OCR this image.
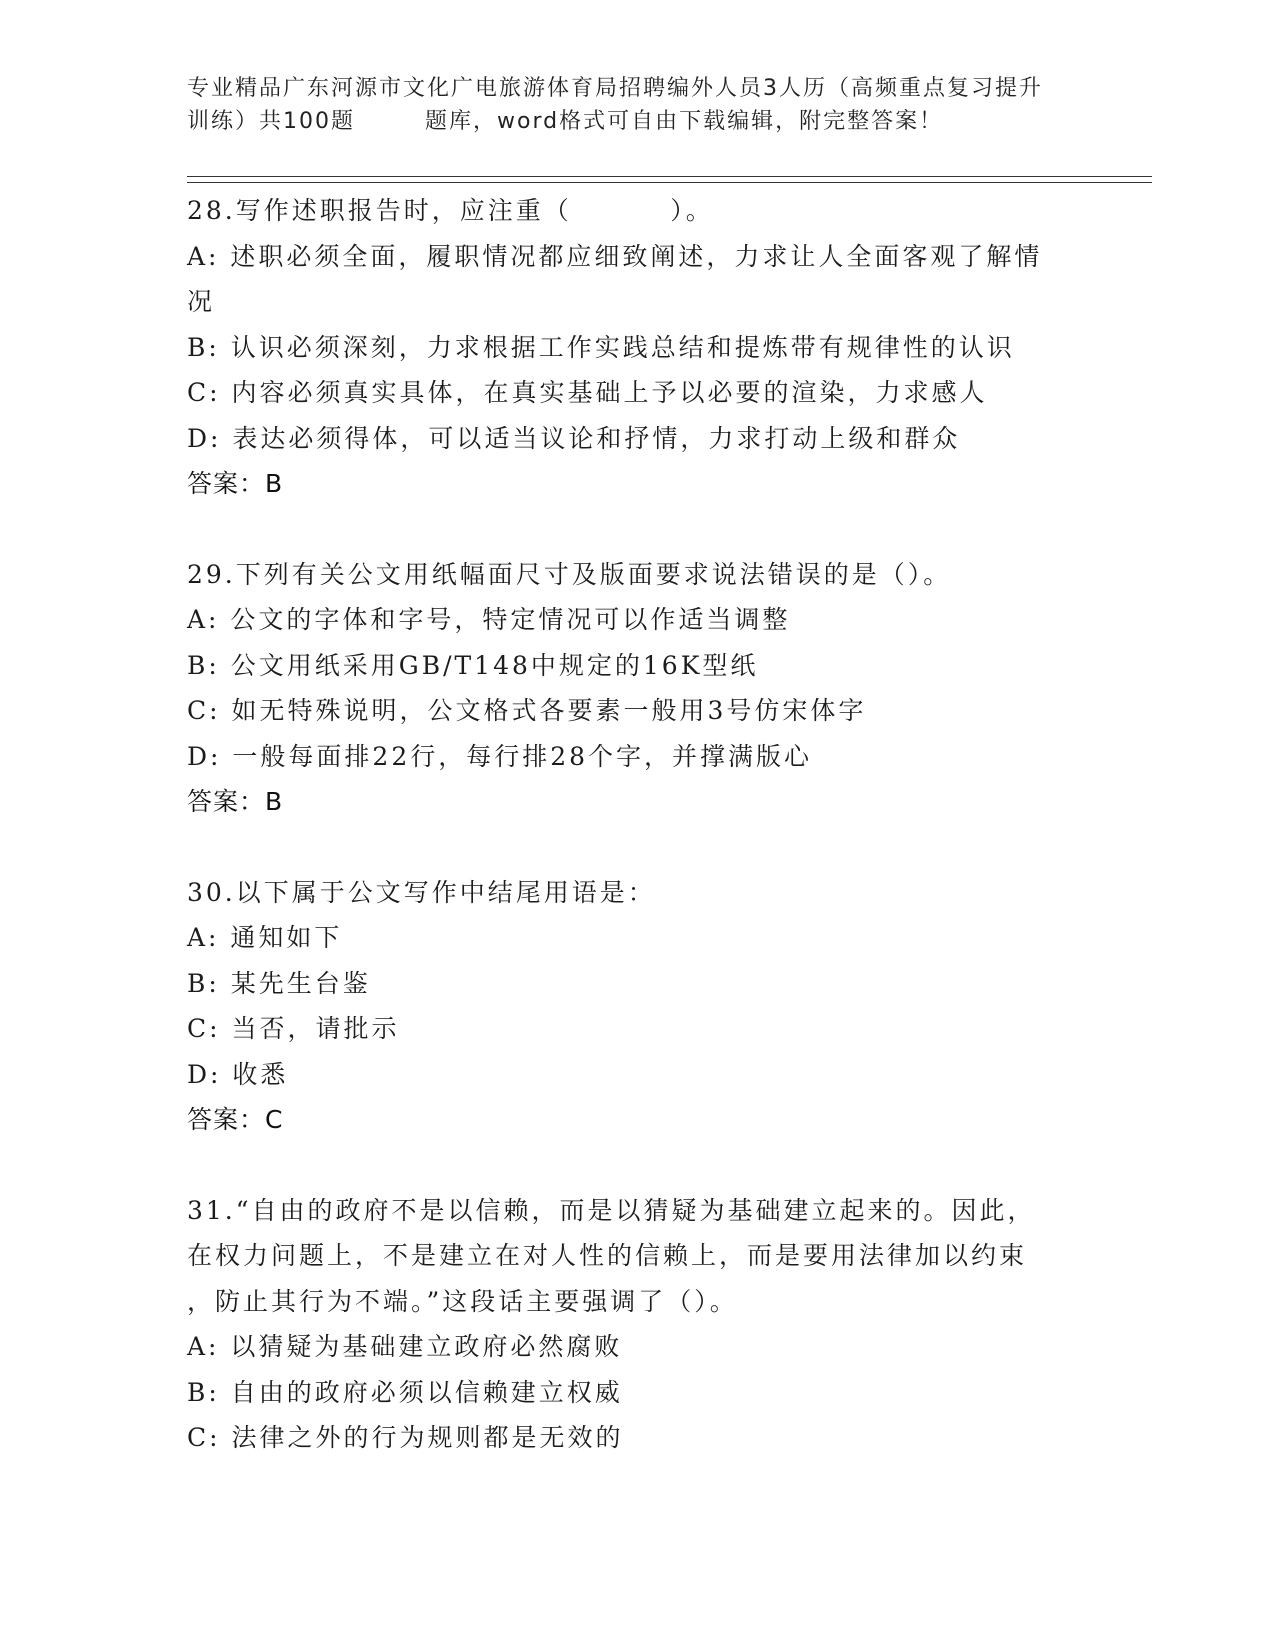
专业精品广东河源市文化广电旅游体育局招聘编外人员3人历（高频重点复习提升
训练）共100题	题库，word格式可自由下载编辑，附完整答案！
28.写作述职报告时，应注重（         ）。
A: 述职必须全面，履职情况都应细致阐述，力求让人全面客观了解情
况
B: 认识必须深刻，力求根据工作实践总结和提炼带有规律性的认识
C: 内容必须真实具体，在真实基础上予以必要的渲染，力求感人
D: 表达必须得体，可以适当议论和抒情，力求打动上级和群众
答案：B
29.下列有关公文用纸幅面尺寸及版面要求说法错误的是（）。
A: 公文的字体和字号，特定情况可以作适当调整
B: 公文用纸采用GB/T148中规定的16K型纸
C: 如无特殊说明，公文格式各要素一般用3号仿宋体字
D: 一般每面排22行，每行排28个字，并撑满版心
答案：B
30.以下属于公文写作中结尾用语是：
A: 通知如下
B: 某先生台鉴
C: 当否，请批示
D: 收悉
答案：C
31.“自由的政府不是以信赖，而是以猜疑为基础建立起来的。因此，
在权力问题上，不是建立在对人性的信赖上，而是要用法律加以约束
，防止其行为不端。”这段话主要强调了（）。
A: 以猜疑为基础建立政府必然腐败
B: 自由的政府必须以信赖建立权威
C: 法律之外的行为规则都是无效的
